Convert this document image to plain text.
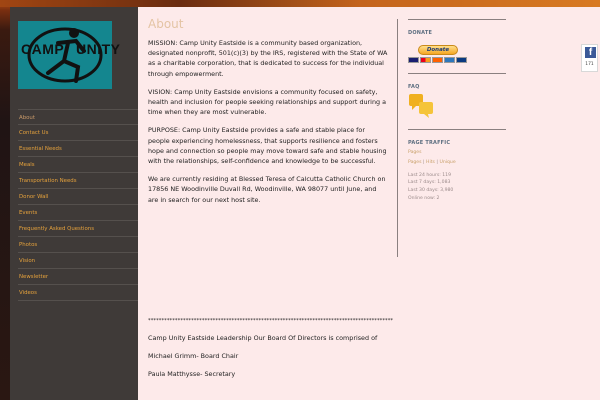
CAMP UNITY
About
Contact Us
Essential Needs
Meals
Transportation Needs
Donor Wall
Events
Frequently Asked Questions
Photos
Vision
Newsletter
Videos
About

MISSION: Camp Unity Eastside is a community based organization, designated nonprofit, 501(c)(3) by the IRS, registered with the State of WA as a charitable corporation, that is dedicated to success for the individual through empowerment.

VISION: Camp Unity Eastside envisions a community focused on safety, health and inclusion for people seeking relationships and support during a time when they are most vulnerable.

PURPOSE: Camp Unity Eastside provides a safe and stable place for people experiencing homelessness, that supports resilience and fosters hope and connection so people may move toward safe and stable housing with the relationships, self-confidence and knowledge to be successful.

We are currently residing at Blessed Teresa of Calcutta Catholic Church on 17856 NE Woodinville Duvall Rd, Woodinville, WA 98077 until June, and are in search for our next host site.

*******************************************************************************************

Camp Unity Eastside Leadership Our Board Of Directors is comprised of

Michael Grimm- Board Chair

Paula Matthysse- Secretary

DONATE
Donate
FAQ
PAGE TRAFFIC
Pages
Pages | Hits | Unique
Last 24 hours: 119
Last 7 days: 1,083
Last 30 days: 3,980
Online now: 2
f
171
